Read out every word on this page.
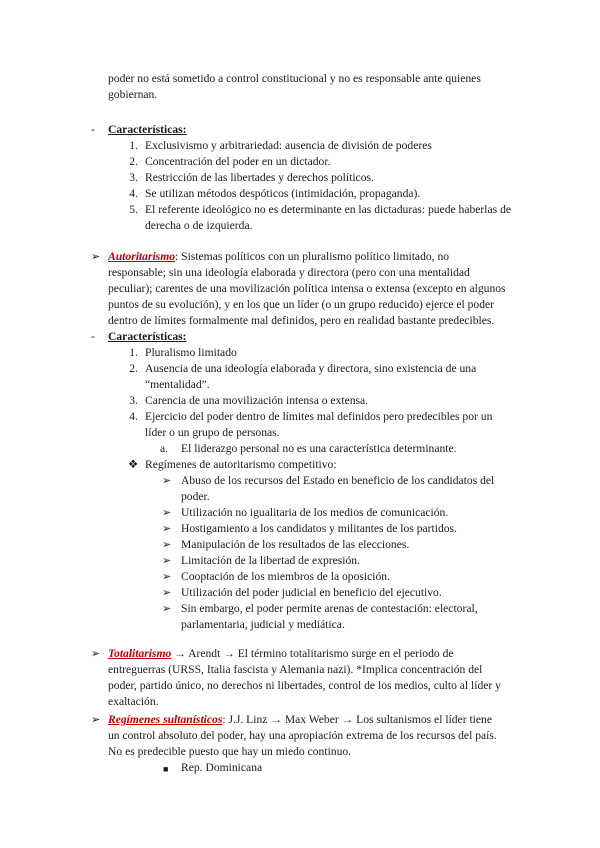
poder no está sometido a control constitucional y no es responsable ante quienes

gobiernan.

- Características:
1. Exclusivismo y arbitrariedad: ausencia de división de poderes
2. Concentración del poder en un dictador.
3. Restricción de las libertades y derechos políticos.
4. Se utilizan métodos despóticos (intimidación, propaganda).
5. El referente ideológico no es determinante en las dictaduras: puede haberlas de
derecha o de izquierda.
➢ Autoritarismo: Sistemas políticos con un pluralismo político limitado, no

responsable; sin una ideología elaborada y directora (pero con una mentalidad

peculiar); carentes de una movilización política intensa o extensa (excepto en algunos

puntos de su evolución), y en los que un líder (o un grupo reducido) ejerce el poder

dentro de límites formalmente mal definidos, pero en realidad bastante predecibles.

- Características:
1. Pluralismo limitado
2. Ausencia de una ideología elaborada y directora, sino existencia de una
“mentalidad”.
3. Carencia de una movilización intensa o extensa.
4. Ejercicio del poder dentro de límites mal definidos pero predecibles por un
líder o un grupo de personas.
a. El liderazgo personal no es una característica determinante.
❖ Regímenes de autoritarismo competitivo:
➢ Abuso de los recursos del Estado en beneficio de los candidatos del
poder.
➢ Utilización no igualitaria de los medios de comunicación.
➢ Hostigamiento a los candidatos y militantes de los partidos.
➢ Manipulación de los resultados de las elecciones.
➢ Limitación de la libertad de expresión.
➢ Cooptación de los miembros de la oposición.
➢ Utilización del poder judicial en beneficio del ejecutivo.
➢ Sin embargo, el poder permite arenas de contestación: electoral,
parlamentaria, judicial y mediática.
➢ Totalitarismo → Arendt → El término totalitarismo surge en el periodo de

entreguerras (URSS, Italia fascista y Alemania nazi). *Implica concentración del

poder, partido único, no derechos ni libertades, control de los medios, culto al líder y

exaltación.

➢ Regímenes sultanísticos: J.J. Linz → Max Weber → Los sultanismos el líder tiene

un control absoluto del poder, hay una apropiación extrema de los recursos del país.

No es predecible puesto que hay un miedo continuo.

■ Rep. Dominicana
